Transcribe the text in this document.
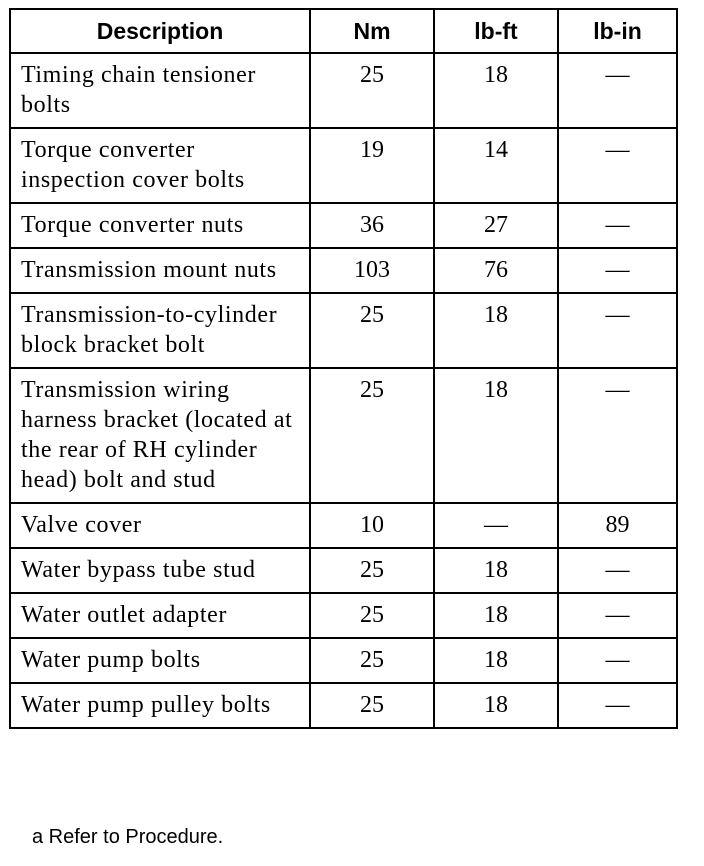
Description	Nm	lb-ft	lb-in
Timing chain tensioner bolts	25	18	—
Torque converter inspection cover bolts	19	14	—
Torque converter nuts	36	27	—
Transmission mount nuts	103	76	—
Transmission-to-cylinder block bracket bolt	25	18	—
Transmission wiring harness bracket (located at the rear of RH cylinder head) bolt and stud	25	18	—
Valve cover	10	—	89
Water bypass tube stud	25	18	—
Water outlet adapter	25	18	—
Water pump bolts	25	18	—
Water pump pulley bolts	25	18	—

a Refer to Procedure.
